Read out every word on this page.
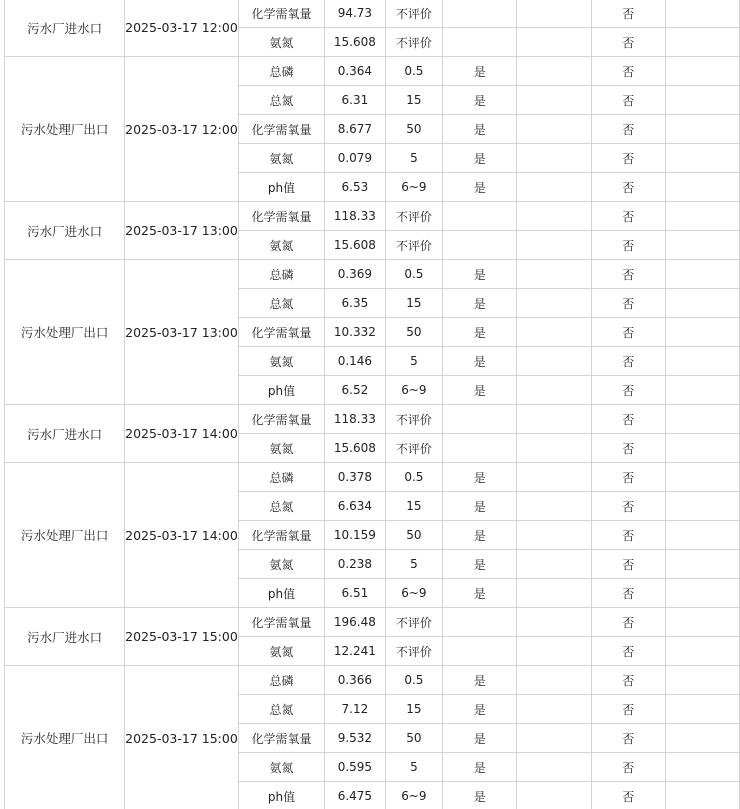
污水厂进水口	2025-03-17 12:00	化学需氧量	94.73	不评价			否	
		氨氮	15.608	不评价			否	
污水处理厂出口	2025-03-17 12:00	总磷	0.364	0.5	是		否	
		总氮	6.31	15	是		否	
		化学需氧量	8.677	50	是		否	
		氨氮	0.079	5	是		否	
		ph值	6.53	6~9	是		否	
污水厂进水口	2025-03-17 13:00	化学需氧量	118.33	不评价			否	
		氨氮	15.608	不评价			否	
污水处理厂出口	2025-03-17 13:00	总磷	0.369	0.5	是		否	
		总氮	6.35	15	是		否	
		化学需氧量	10.332	50	是		否	
		氨氮	0.146	5	是		否	
		ph值	6.52	6~9	是		否	
污水厂进水口	2025-03-17 14:00	化学需氧量	118.33	不评价			否	
		氨氮	15.608	不评价			否	
污水处理厂出口	2025-03-17 14:00	总磷	0.378	0.5	是		否	
		总氮	6.634	15	是		否	
		化学需氧量	10.159	50	是		否	
		氨氮	0.238	5	是		否	
		ph值	6.51	6~9	是		否	
污水厂进水口	2025-03-17 15:00	化学需氧量	196.48	不评价			否	
		氨氮	12.241	不评价			否	
污水处理厂出口	2025-03-17 15:00	总磷	0.366	0.5	是		否	
		总氮	7.12	15	是		否	
		化学需氧量	9.532	50	是		否	
		氨氮	0.595	5	是		否	
		ph值	6.475	6~9	是		否	
